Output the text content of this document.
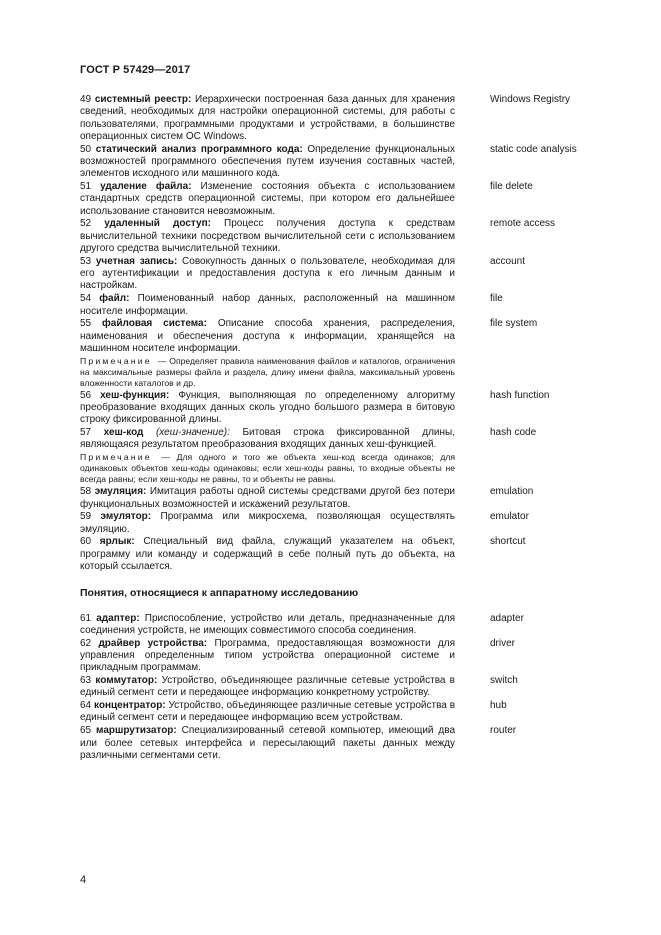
ГОСТ Р 57429—2017
49 системный реестр: Иерархически построенная база данных для хранения сведений, необходимых для настройки операционной системы, для работы с пользователями, программными продуктами и устройствами, в большинстве операционных систем ОС Windows.
Windows Registry
50 статический анализ программного кода: Определение функциональных возможностей программного обеспечения путем изучения составных частей, элементов исходного или машинного кода.
static code analysis
51 удаление файла: Изменение состояния объекта с использованием стандартных средств операционной системы, при котором его дальнейшее использование становится невозможным.
file delete
52 удаленный доступ: Процесс получения доступа к средствам вычислительной техники посредством вычислительной сети с использованием другого средства вычислительной техники.
remote access
53 учетная запись: Совокупность данных о пользователе, необходимая для его аутентификации и предоставления доступа к его личным данным и настройкам.
account
54 файл: Поименованный набор данных, расположенный на машинном носителе информации.
file
55 файловая система: Описание способа хранения, распределения, наименования и обеспечения доступа к информации, хранящейся на машинном носителе информации.
file system
Примечание — Определяет правила наименования файлов и каталогов, ограничения на максимальные размеры файла и раздела, длину имени файла, максимальный уровень вложенности каталогов и др.
56 хеш-функция: Функция, выполняющая по определенному алгоритму преобразование входящих данных сколь угодно большого размера в битовую строку фиксированной длины.
hash function
57 хеш-код (хеш-значение): Битовая строка фиксированной длины, являющаяся результатом преобразования входящих данных хеш-функцией.
hash code
Примечание — Для одного и того же объекта хеш-код всегда одинаков; для одинаковых объектов хеш-коды одинаковы; если хеш-коды равны, то входные объекты не всегда равны; если хеш-коды не равны, то и объекты не равны.
58 эмуляция: Имитация работы одной системы средствами другой без потери функциональных возможностей и искажений результатов.
emulation
59 эмулятор: Программа или микросхема, позволяющая осуществлять эмуляцию.
emulator
60 ярлык: Специальный вид файла, служащий указателем на объект, программу или команду и содержащий в себе полный путь до объекта, на который ссылается.
shortcut
Понятия, относящиеся к аппаратному исследованию
61 адаптер: Приспособление, устройство или деталь, предназначенные для соединения устройств, не имеющих совместимого способа соединения.
adapter
62 драйвер устройства: Программа, предоставляющая возможности для управления определенным типом устройства операционной системе и прикладным программам.
driver
63 коммутатор: Устройство, объединяющее различные сетевые устройства в единый сегмент сети и передающее информацию конкретному устройству.
switch
64 концентратор: Устройство, объединяющее различные сетевые устройства в единый сегмент сети и передающее информацию всем устройствам.
hub
65 маршрутизатор: Специализированный сетевой компьютер, имеющий два или более сетевых интерфейса и пересылающий пакеты данных между различными сегментами сети.
router
4
